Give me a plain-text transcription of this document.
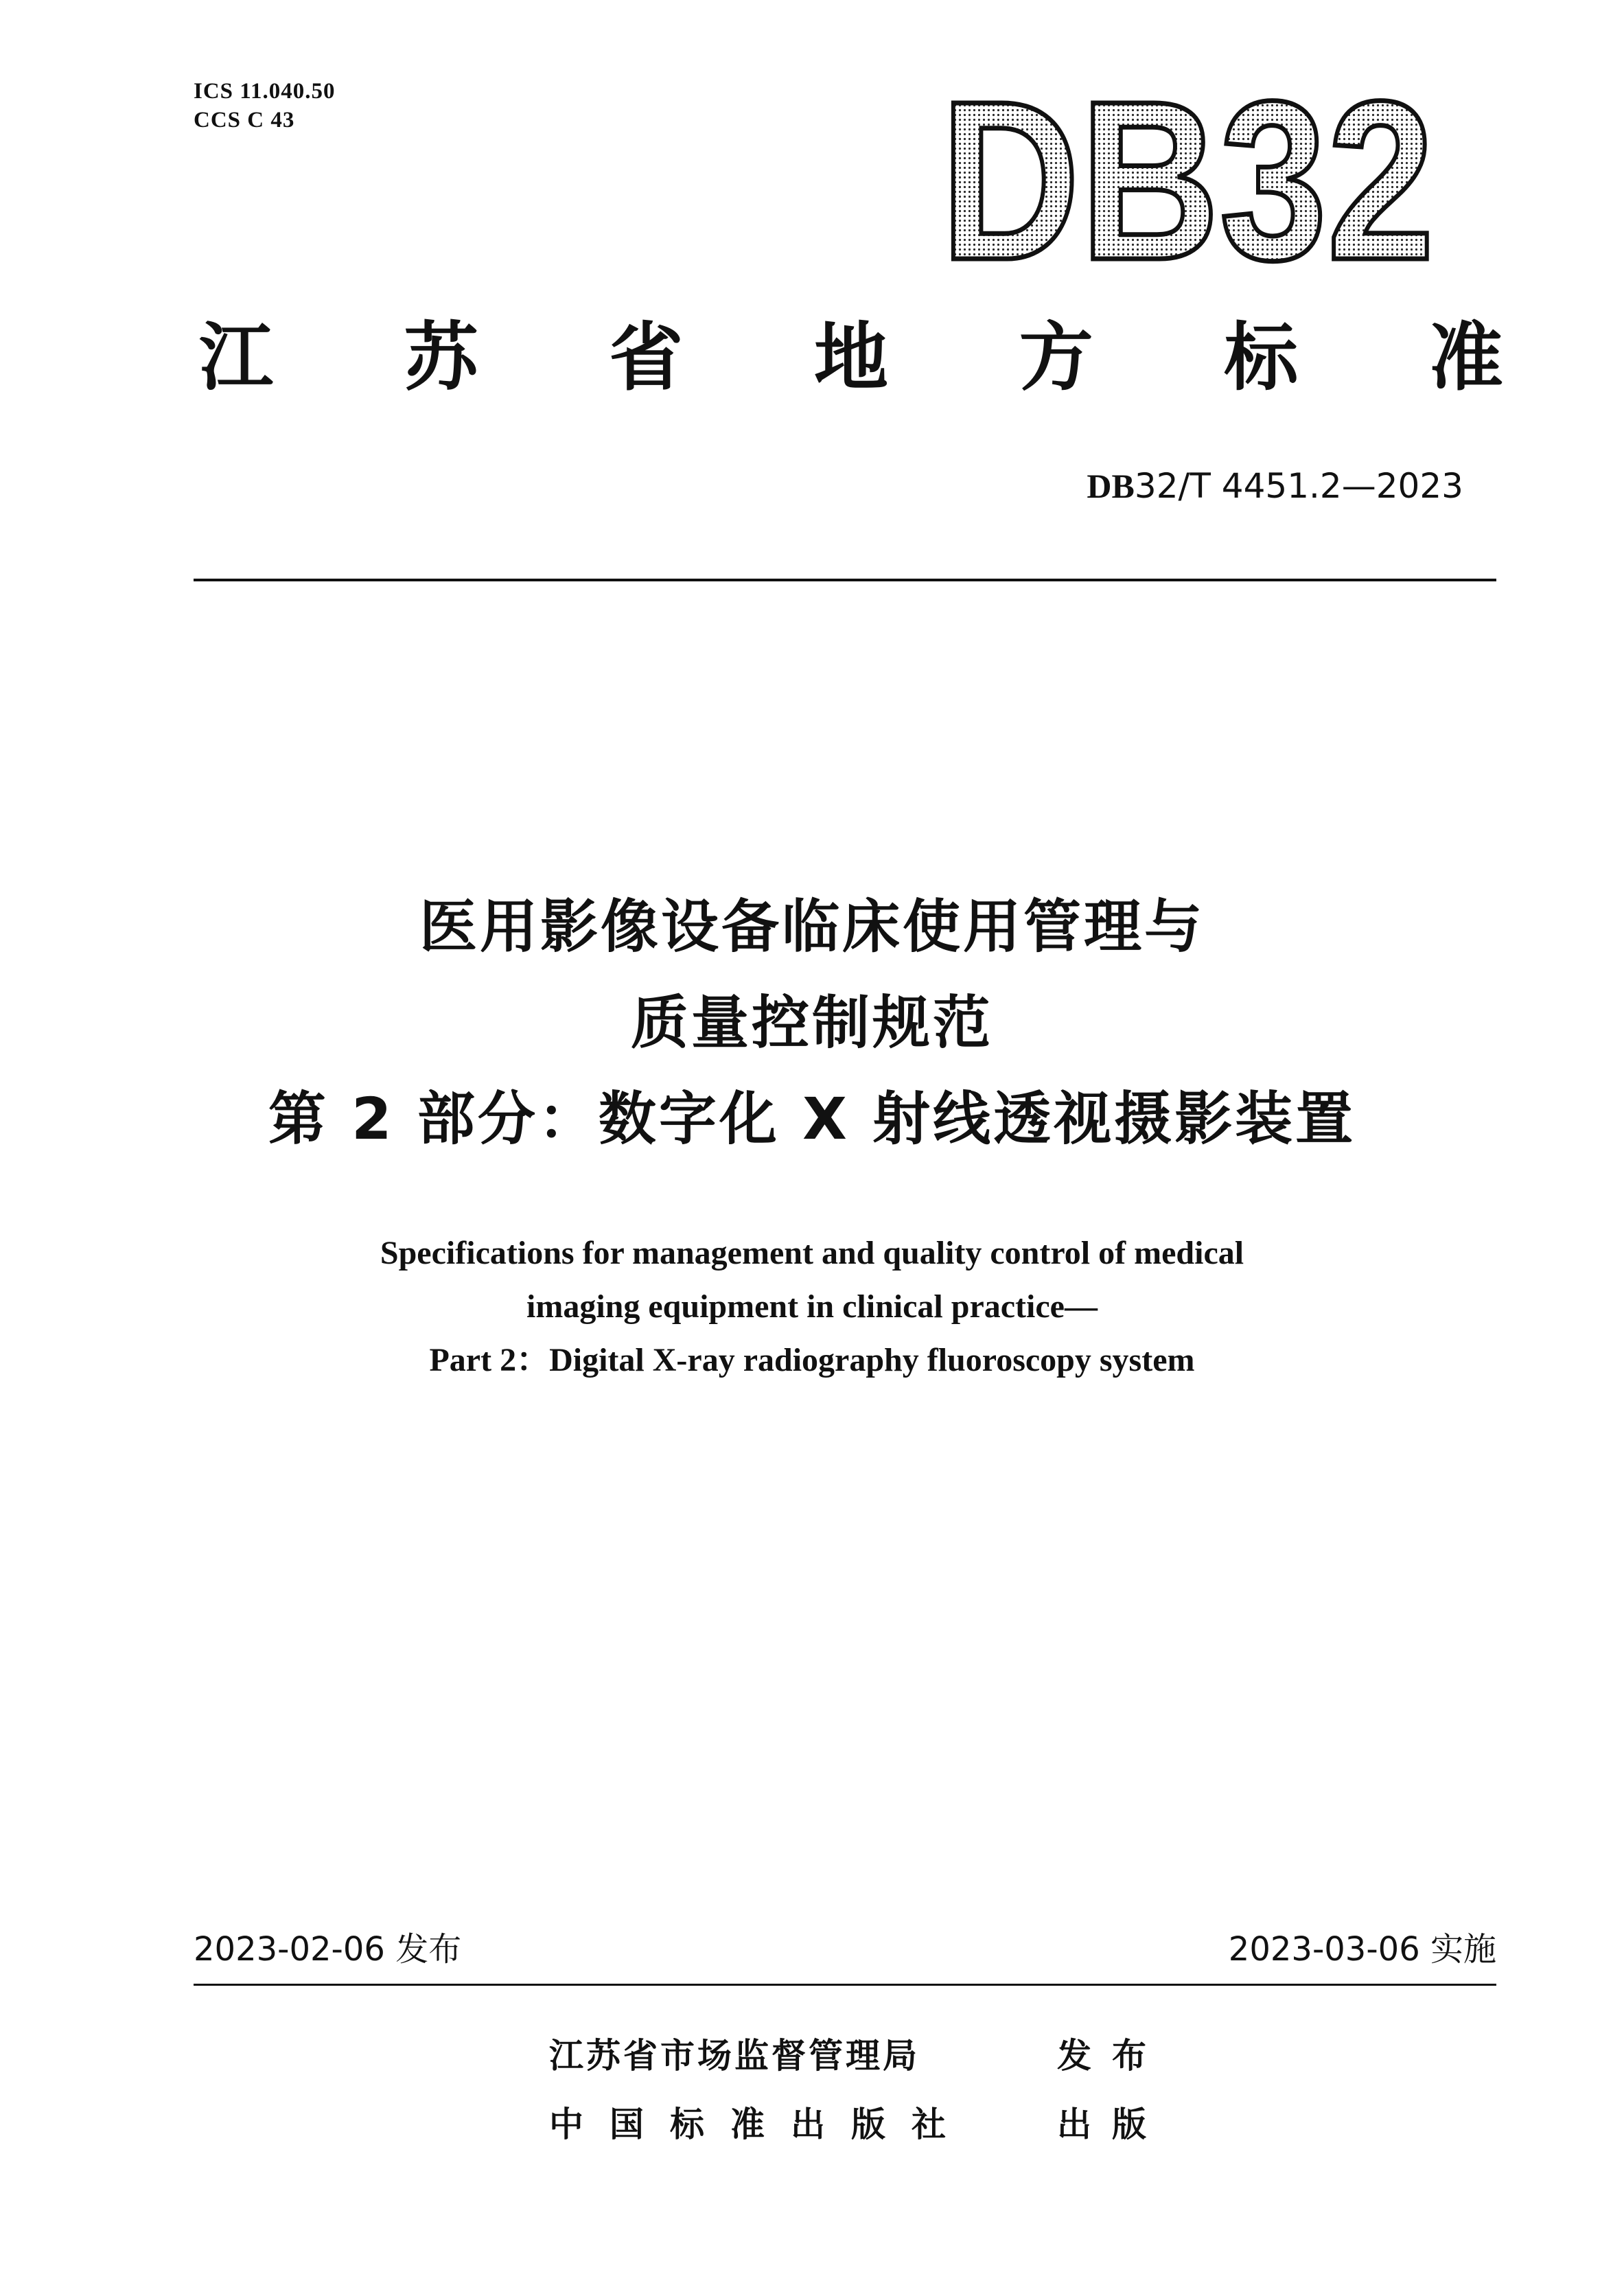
ICS 11.040.50
CCS C 43	DB32
江 苏 省 地 方 标 准
DB32/T 4451.2—2023
医用影像设备临床使用管理与
质量控制规范
第 2 部分：数字化 X 射线透视摄影装置
Specifications for management and quality control of medical
imaging equipment in clinical practice—
Part 2：Digital X-ray radiography fluoroscopy system
2023-02-06 发布	2023-03-06 实施
江苏省市场监督管理局	发布
中国标准出版社 出版
